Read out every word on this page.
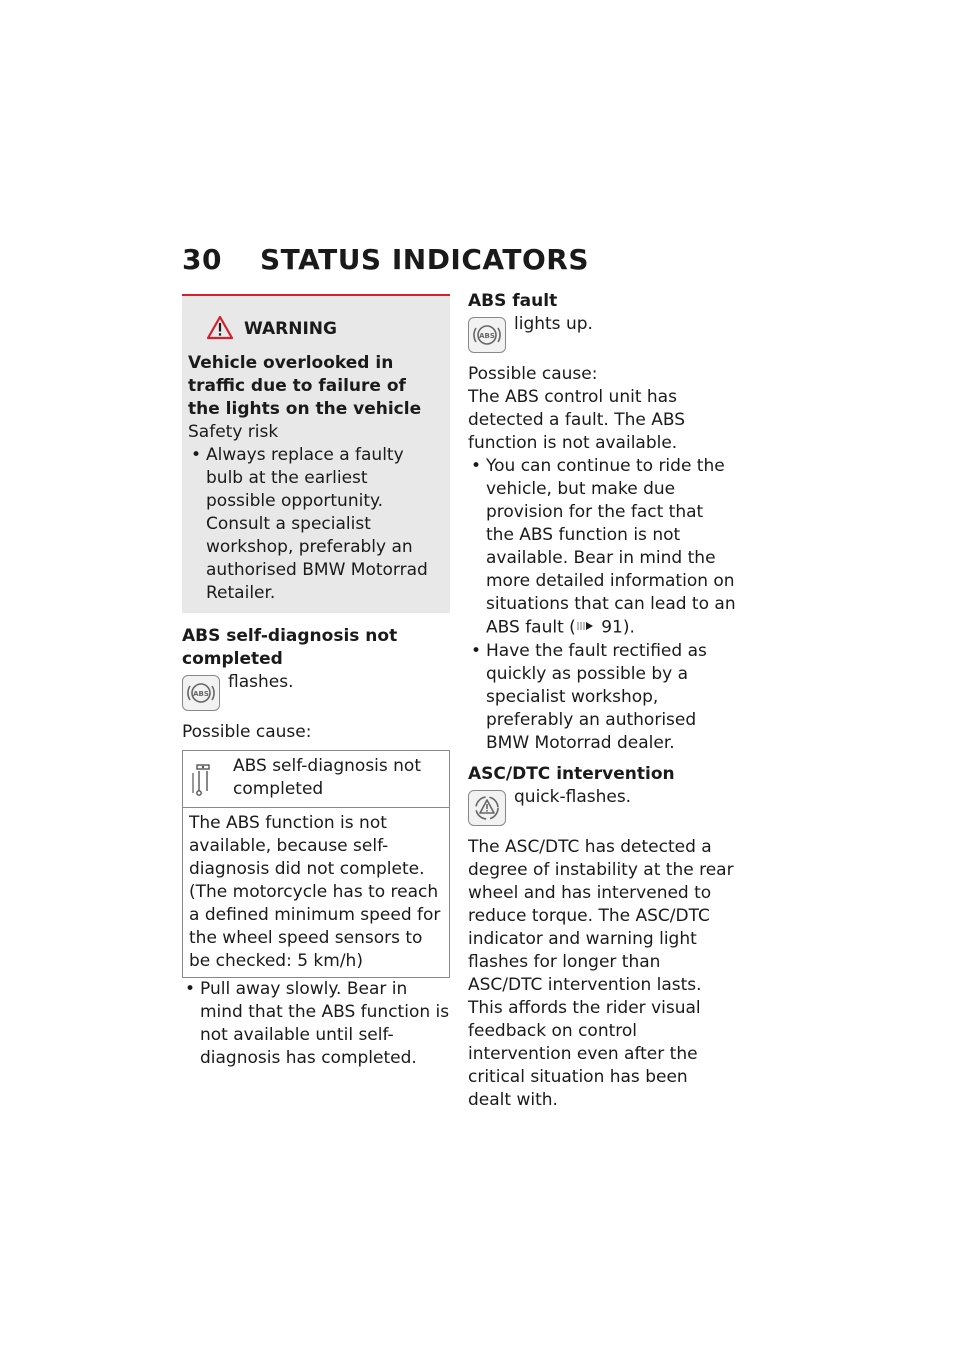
30 STATUS INDICATORS
WARNING
Vehicle overlooked in traffic due to failure of the lights on the vehicle
Safety risk
• Always replace a faulty bulb at the earliest possible opportunity. Consult a specialist workshop, preferably an authorised BMW Motorrad Retailer.
ABS self-diagnosis not completed
ABS
flashes.
Possible cause:
ABS self-diagnosis not completed
The ABS function is not available, because self-diagnosis did not complete. (The motorcycle has to reach a defined minimum speed for the wheel speed sensors to be checked: 5 km/h)
• Pull away slowly. Bear in mind that the ABS function is not available until self-diagnosis has completed.
ABS fault
ABS
lights up.
Possible cause:
The ABS control unit has detected a fault. The ABS function is not available.
• You can continue to ride the vehicle, but make due provision for the fact that the ABS function is not available. Bear in mind the more detailed information on situations that can lead to an ABS fault ( 91).
• Have the fault rectified as quickly as possible by a specialist workshop, preferably an authorised BMW Motorrad dealer.
ASC/DTC intervention
quick-flashes.
The ASC/DTC has detected a degree of instability at the rear wheel and has intervened to reduce torque. The ASC/DTC indicator and warning light flashes for longer than ASC/DTC intervention lasts. This affords the rider visual feedback on control intervention even after the critical situation has been dealt with.
